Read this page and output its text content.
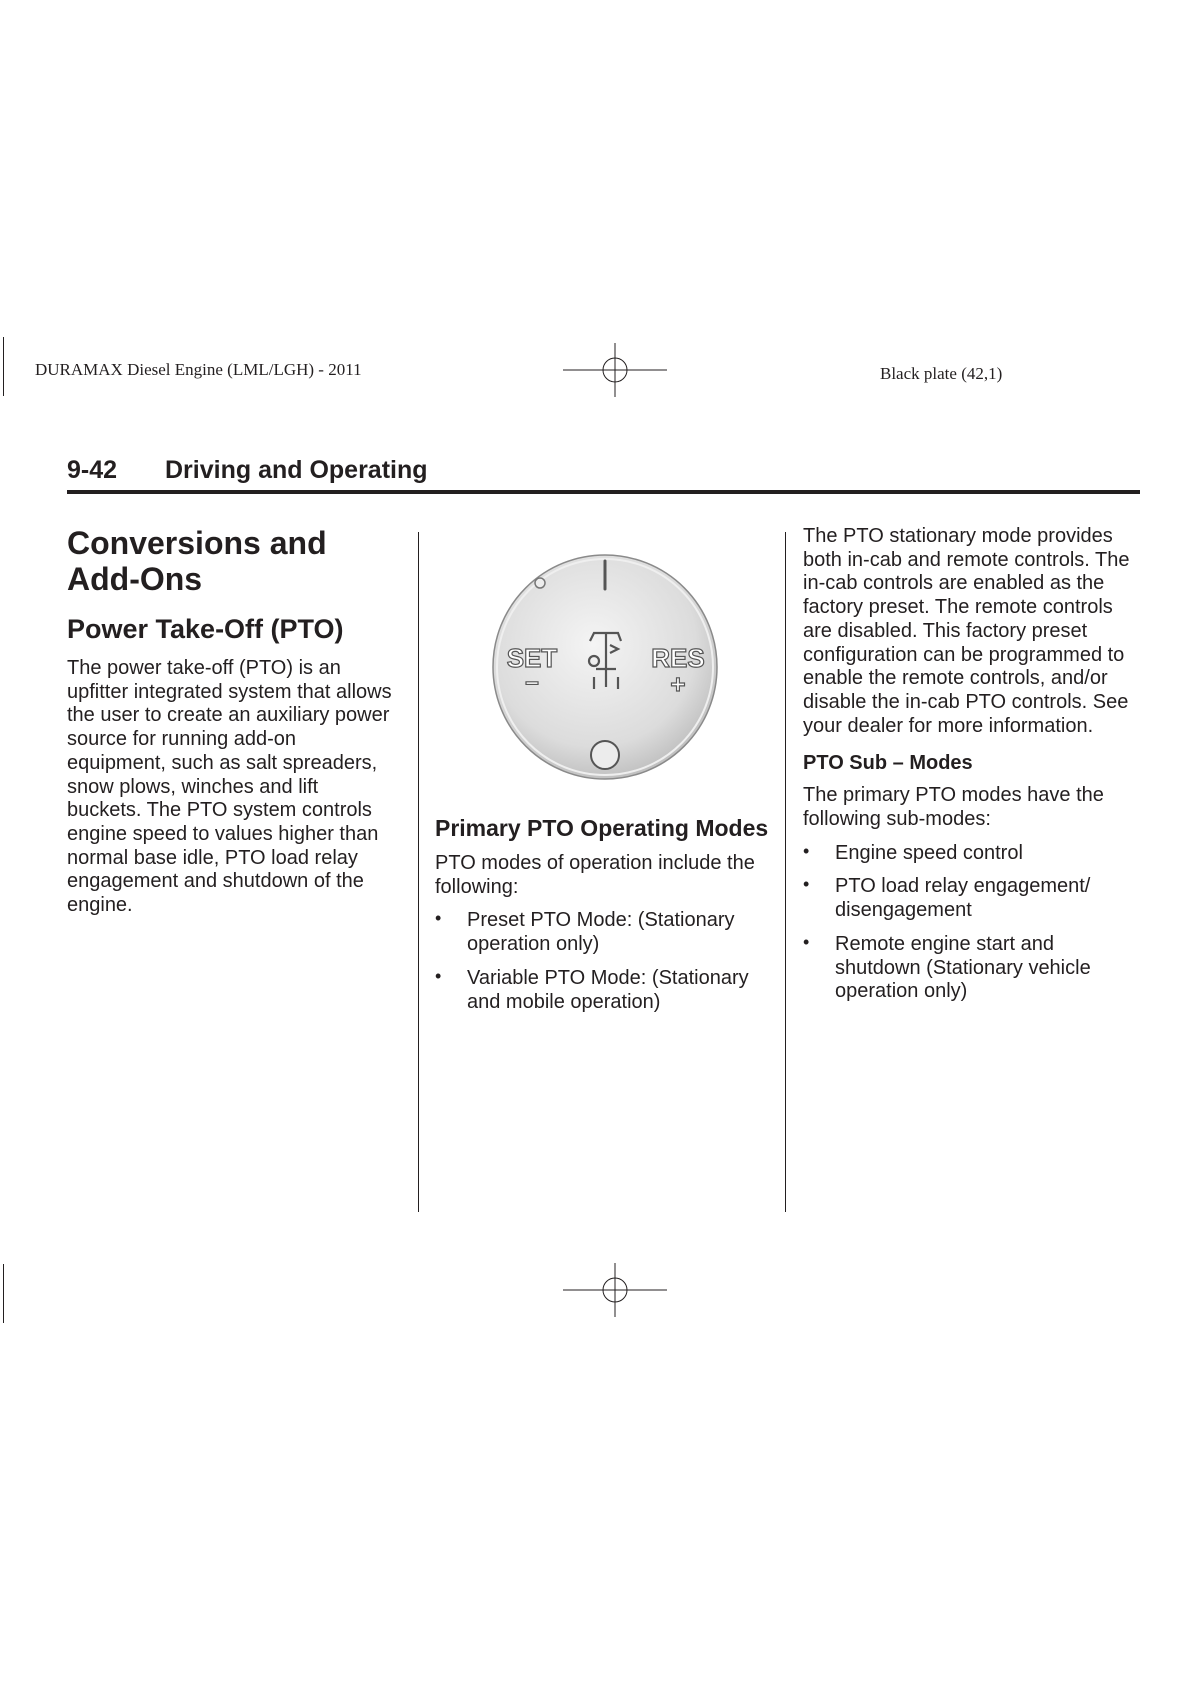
DURAMAX Diesel Engine (LML/LGH) - 2011	Black plate (42,1)
9-42 Driving and Operating
Conversions and Add-Ons
Power Take-Off (PTO)

The power take-off (PTO) is an upfitter integrated system that allows the user to create an auxiliary power source for running add-on equipment, such as salt spreaders, snow plows, winches and lift buckets. The PTO system controls engine speed to values higher than normal base idle, PTO load relay engagement and shutdown of the engine.

SET
−
RES
+
Primary PTO Operating Modes

PTO modes of operation include the following:

• Preset PTO Mode: (Stationary operation only)
• Variable PTO Mode: (Stationary and mobile operation)

The PTO stationary mode provides both in-cab and remote controls. The in-cab controls are enabled as the factory preset. The remote controls are disabled. This factory preset configuration can be programmed to enable the remote controls, and/or disable the in-cab PTO controls. See your dealer for more information.

PTO Sub – Modes

The primary PTO modes have the following sub-modes:

• Engine speed control
• PTO load relay engagement/ disengagement
• Remote engine start and shutdown (Stationary vehicle operation only)
